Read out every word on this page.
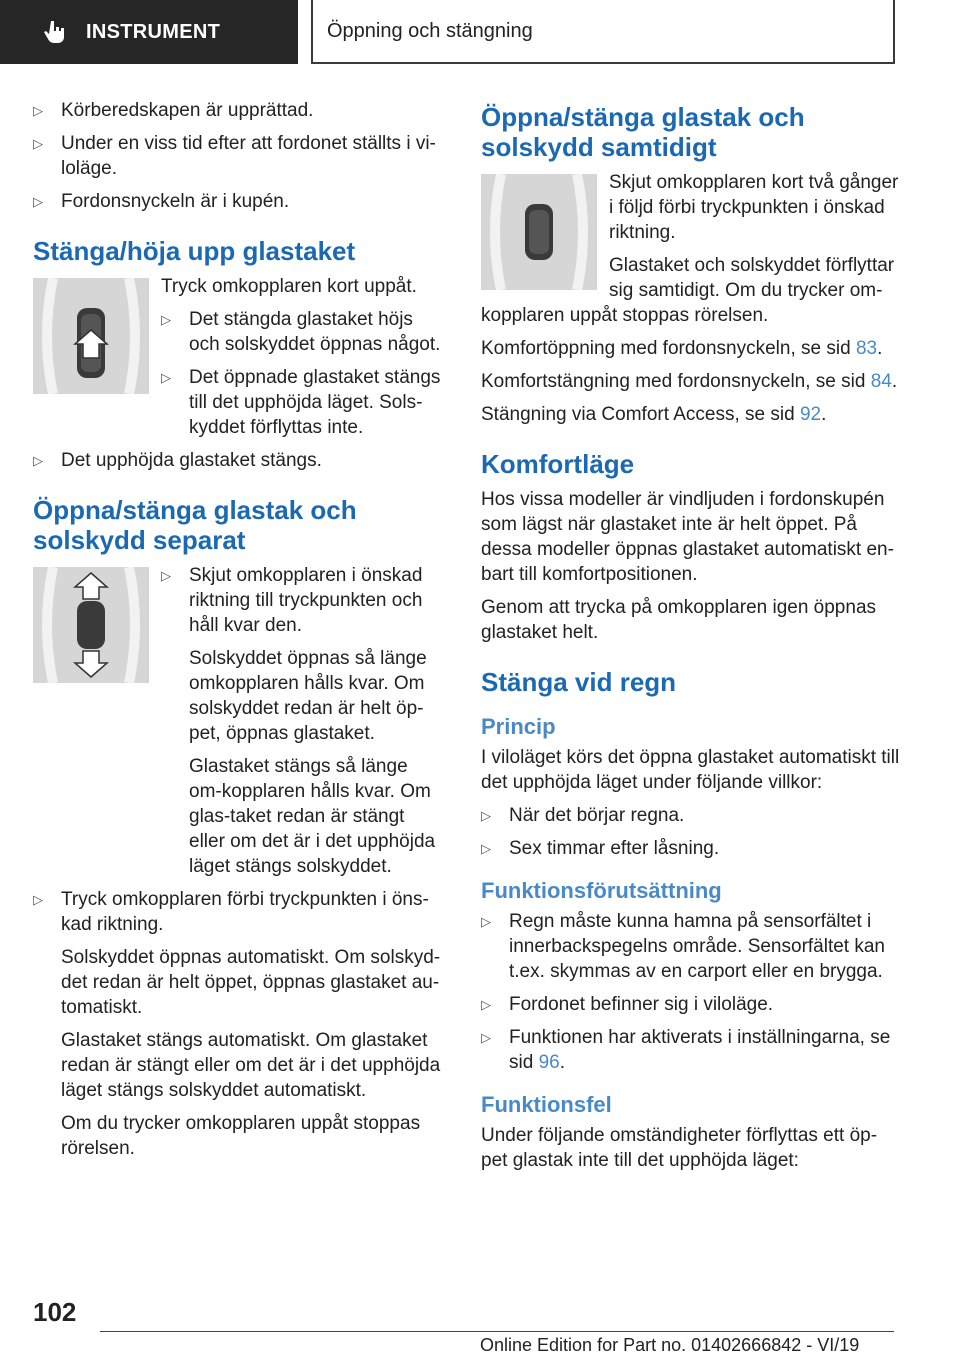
INSTRUMENT	Öppning och stängning
▷ Körberedskapen är upprättad.
▷ Under en viss tid efter att fordonet ställts i vi-loläge.
▷ Fordonsnyckeln är i kupén.
Stänga/höja upp glastaket

Tryck omkopplaren kort uppåt.

▷ Det stängda glastaket höjs och solskyddet öppnas något.
▷ Det öppnade glastaket stängs till det upphöjda läget. Sols-kyddet förflyttas inte.
▷ Det upphöjda glastaket stängs.
Öppna/stänga glastak och solskydd separat
▷ Skjut omkopplaren i önskad riktning till tryckpunkten och håll kvar den.

Solskyddet öppnas så länge omkopplaren hålls kvar. Om solskyddet redan är helt öp-pet, öppnas glastaket.

Glastaket stängs så länge om-kopplaren hålls kvar. Om glas-taket redan är stängt eller om det är i det upphöjda läget stängs solskyddet.

▷ Tryck omkopplaren förbi tryckpunkten i öns-kad riktning.

Solskyddet öppnas automatiskt. Om solskyd-det redan är helt öppet, öppnas glastaket au-tomatiskt.

Glastaket stängs automatiskt. Om glastaket redan är stängt eller om det är i det upphöjda läget stängs solskyddet automatiskt.

Om du trycker omkopplaren uppåt stoppas rörelsen.

Öppna/stänga glastak och solskydd samtidigt

Skjut omkopplaren kort två gånger i följd förbi tryckpunkten i önskad riktning.

Glastaket och solskyddet förflyttar sig samtidigt. Om du trycker om-kopplaren uppåt stoppas rörelsen.

Komfortöppning med fordonsnyckeln, se sid 83.

Komfortstängning med fordonsnyckeln, se sid 84.

Stängning via Comfort Access, se sid 92.

Komfortläge

Hos vissa modeller är vindljuden i fordonskupén som lägst när glastaket inte är helt öppet. På dessa modeller öppnas glastaket automatiskt en-bart till komfortpositionen.

Genom att trycka på omkopplaren igen öppnas glastaket helt.

Stänga vid regn
Princip

I viloläget körs det öppna glastaket automatiskt till det upphöjda läget under följande villkor:

▷ När det börjar regna.
▷ Sex timmar efter låsning.
Funktionsförutsättning
▷ Regn måste kunna hamna på sensorfältet i innerbackspegelns område. Sensorfältet kan t.ex. skymmas av en carport eller en brygga.
▷ Fordonet befinner sig i viloläge.
▷ Funktionen har aktiverats i inställningarna, se sid 96.
Funktionsfel

Under följande omständigheter förflyttas ett öp-pet glastak inte till det upphöjda läget:

102
Online Edition for Part no. 01402666842 - VI/19
